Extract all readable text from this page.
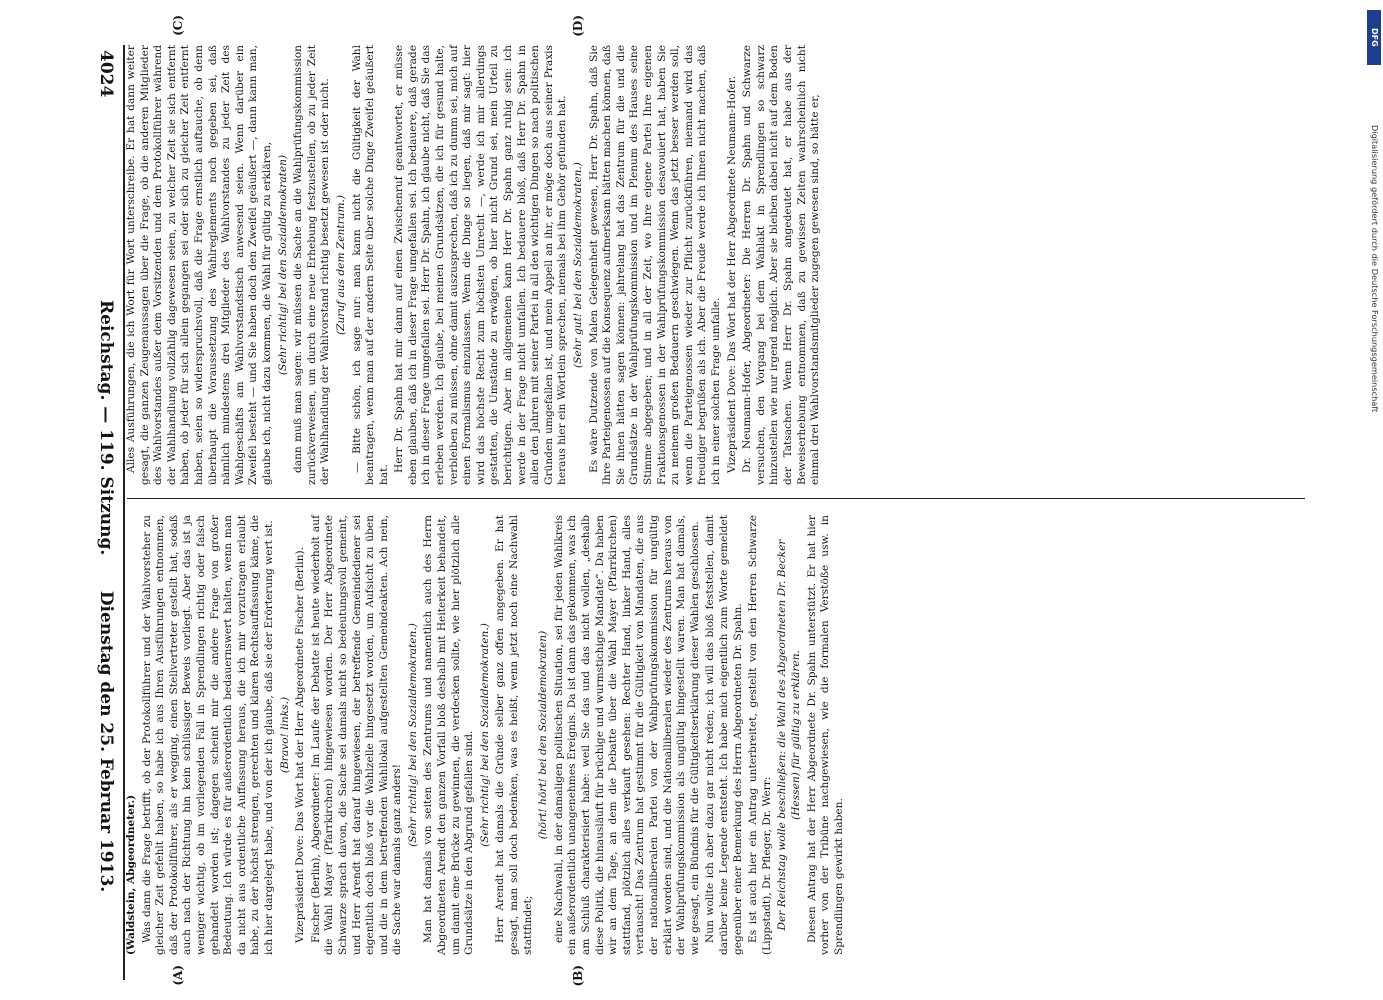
4024
Reichstag. — 119. Sitzung.      Dienstag den 25. Februar 1913.
(A)	(B)
(C)	(D)

(Waldstein, Abgeordneter.) Was dann die Frage betrifft, ob der Protokollführer und der Wahlvorsteher zu gleicher Zeit gefehlt haben, so habe ich aus Ihren Ausführungen entnommen, daß der Protokollführer, als er wegging, einen Stellvertreter gestellt hat, sodaß auch nach der Richtung hin kein schlüssiger Beweis vorliegt. Aber das ist ja weniger wichtig, ob im vorliegenden Fall in Sprendlingen richtig oder falsch gehandelt worden ist; dagegen scheint mir die andere Frage von großer Bedeutung. Ich würde es für außerordentlich bedauernswert halten, wenn man da nicht aus ordentliche Auffassung heraus, die ich mir vorzutragen erlaubt habe, zu der höchst strengen, gerechten und klaren Rechtsauffassung käme, die ich hier dargelegt habe, und von der ich glaube, daß sie der Erörterung wert ist. (Bravo! links.) Vizepräsident Dove: Das Wort hat der Herr Abgeordnete Fischer (Berlin). Fischer (Berlin), Abgeordneter: Im Laufe der Debatte ist heute wiederholt auf die Wahl Mayer (Pfarrkirchen) hingewiesen worden. Der Herr Abgeordnete Schwarze sprach davon, die Sache sei damals nicht so bedeutungsvoll gemeint, und Herr Arendt hat darauf hingewiesen, der betreffende Gemeindediener sei eigentlich doch bloß vor die Wahlzelle hingesetzt worden, um Aufsicht zu üben und die in dem betreffenden Wahllokal aufgestellten Gemeindeakten. Ach nein, die Sache war damals ganz anders!

(Sehr richtig! bei den Sozialdemokraten.) Man hat damals von seiten des Zentrums und namentlich auch des Herrn Abgeordneten Arendt den ganzen Vorfall bloß deshalb mit Heiterkeit behandelt, um damit eine Brücke zu gewinnen, die verdecken sollte, wie hier plötzlich alle Grundsätze in den Abgrund gefallen sind. (Sehr richtig! bei den Sozialdemokraten.) Herr Arendt hat damals die Gründe selber ganz offen angegeben. Er hat gesagt, man soll doch bedenken, was es heißt, wenn jetzt noch eine Nachwahl stattfindet;

(hört! hört! bei den Sozialdemokraten) eine Nachwahl, in der damaligen politischen Situation, sei für jeden Wahlkreis ein außerordentlich unangenehmes Ereignis. Da ist dann das gekommen, was ich am Schluß charakterisiert habe: weil Sie das und das nicht wollen, „deshalb diese Politik, die hinausläuft für brüchige und wurmstichige Mandate“. Da haben wir an dem Tage, an dem die Debatte über die Wahl Mayer (Pfarrkirchen) stattfand, plötzlich alles verkauft gesehen: Rechter Hand, linker Hand, alles vertauscht! Das Zentrum hat gestimmt für die Gültigkeit von Mandaten, die aus der nationalliberalen Partei von der Wahlprüfungskommission für ungültig erklärt worden sind, und die Nationalliberalen wieder des Zentrums heraus von der Wahlprüfungskommission als ungültig hingestellt waren. Man hat damals, wie gesagt, ein Bündnis für die Gültigkeitserklärung dieser Wahlen geschlossen. Nun wollte ich aber dazu gar nicht reden; ich will das bloß feststellen, damit darüber keine Legende entsteht. Ich habe mich eigentlich zum Worte gemeldet gegenüber einer Bemerkung des Herrn Abgeordneten Dr. Spahn. Es ist auch hier ein Antrag unterbreitet, gestellt von den Herren Schwarze (Lippstadt), Dr. Pfleger, Dr. Werr: Der Reichstag wolle beschließen: die Wahl des Abgeordneten Dr. Becker (Hessen) für gültig zu erklären. Diesen Antrag hat der Herr Abgeordnete Dr. Spahn unterstützt. Er hat hier vorher von der Tribüne nachgewiesen, wie die formalen Verstöße usw. in Sprendlingen gewirkt haben.

Alles Ausführungen, die ich Wort für Wort unterschreibe. Er hat dann weiter gesagt, die ganzen Zeugenaussagen über die Frage, ob die anderen Mitglieder des Wahlvorstandes außer dem Vorsitzenden und dem Protokollführer während der Wahlhandlung vollzählig dagewesen seien, zu welcher Zeit sie sich entfernt haben, ob jeder für sich allein gegangen sei oder sich zu gleicher Zeit entfernt haben, seien so widerspruchsvoll, daß die Frage ernstlich auftauche, ob denn überhaupt die Voraussetzung des Wahlreglements noch gegeben sei, daß nämlich mindestens drei Mitglieder des Wahlvorstandes zu jeder Zeit des Wahlgeschäfts am Wahlvorstandstisch anwesend seien. Wenn darüber ein Zweifel besteht — und Sie haben doch den Zweifel geäußert —, dann kann man, glaube ich, nicht dazu kommen, die Wahl für gültig zu erklären, (Sehr richtig! bei den Sozialdemokraten) dann muß man sagen: wir müssen die Sache an die Wahlprüfungskommission zurückverweisen, um durch eine neue Erhebung festzustellen, ob zu jeder Zeit der Wahlhandlung der Wahlvorstand richtig besetzt gewesen ist oder nicht. (Zuruf aus dem Zentrum.) — Bitte schön, ich sage nur: man kann nicht die Gültigkeit der Wahl beantragen, wenn man auf der andern Seite über solche Dinge Zweifel geäußert hat.

Herr Dr. Spahn hat mir dann auf einen Zwischenruf geantwortet, er müsse eben glauben, daß ich in dieser Frage umgefallen sei. Ich bedauere, daß gerade ich in dieser Frage umgefallen sei. Herr Dr. Spahn, ich glaube nicht, daß Sie das erleben werden. Ich glaube, bei meinen Grundsätzen, die ich für gesund halte, verbleiben zu müssen, ohne damit auszusprechen, daß ich zu dumm sei, mich auf einen Formalismus einzulassen. Wenn die Dinge so liegen, daß mir sagt: hier wird das höchste Recht zum höchsten Unrecht —, werde ich mir allerdings gestatten, die Umstände zu erwägen, ob hier nicht Grund sei, mein Urteil zu berichtigen. Aber im allgemeinen kann Herr Dr. Spahn ganz ruhig sein: ich werde in der Frage nicht umfallen. Ich bedauere bloß, daß Herr Dr. Spahn in allen den Jahren mit seiner Partei in all den wichtigen Dingen so nach politischen Gründen umgefallen ist, und mein Appell an ihr, er möge doch aus seiner Praxis heraus hier ein Wörtlein sprechen, niemals bei ihm Gehör gefunden hat. (Sehr gut! bei den Sozialdemokraten.) Es wäre Dutzende von Malen Gelegenheit gewesen, Herr Dr. Spahn, daß Sie Ihre Parteigenossen auf die Konsequenz aufmerksam hätten machen können, daß Sie ihnen hätten sagen können: jahrelang hat das Zentrum für die und die Grundsätze in der Wahlprüfungskommission und im Plenum des Hauses seine Stimme abgegeben; und in all der Zeit, wo Ihre eigene Partei Ihre eigenen Fraktionsgenossen in der Wahlprüfungskommission desavouiert hat, haben Sie zu meinem großen Bedauern geschwiegen. Wenn das jetzt besser werden soll, wenn die Parteigenossen wieder zur Pflicht zurückführen, niemand wird das freudiger begrüßen als ich. Aber die Freude werde ich Ihnen nicht machen, daß ich in einer solchen Frage umfalle. Vizepräsident Dove: Das Wort hat der Herr Abgeordnete Neumann-Hofer. Dr. Neumann-Hofer, Abgeordneter: Die Herren Dr. Spahn und Schwarze versuchen, den Vorgang bei dem Wahlakt in Sprendlingen so schwarz hinzustellen wie nur irgend möglich. Aber sie bleiben dabei nicht auf dem Boden der Tatsachen. Wenn Herr Dr. Spahn angedeutet hat, er habe aus der Beweiserhebung entnommen, daß zu gewissen Zeiten wahrscheinlich nicht einmal drei Wahlvorstandsmitglieder zugegen gewesen sind, so hätte er,

DFG
Digitalisierung gefördert durch die Deutsche Forschungsgemeinschaft
